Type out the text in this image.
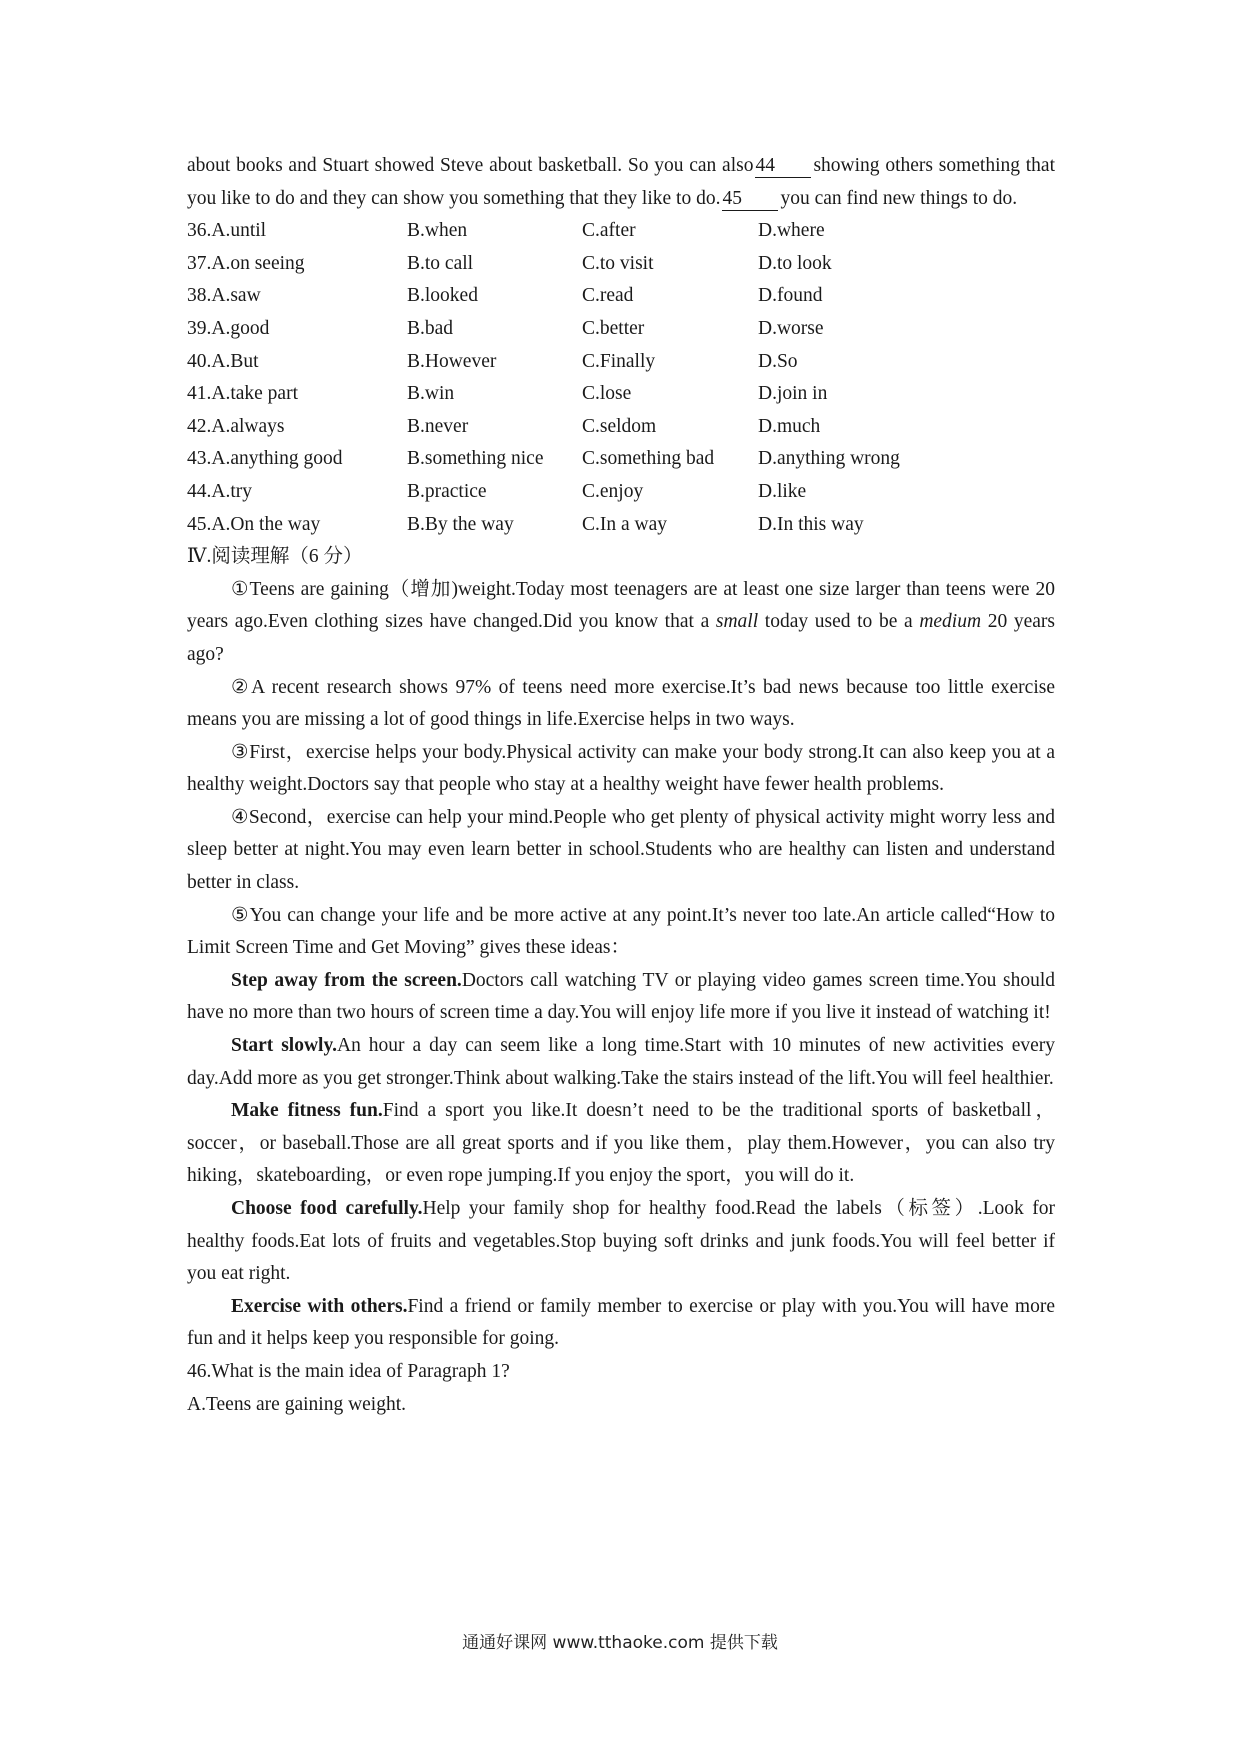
about books and Stuart showed Steve about basketball. So you can also 44 showing others something that you like to do and they can show you something that they like to do. 45 you can find new things to do.

36.A.until	B.when	C.after	D.where
37.A.on seeing	B.to call	C.to visit	D.to look
38.A.saw	B.looked	C.read	D.found
39.A.good	B.bad	C.better	D.worse
40.A.But	B.However	C.Finally	D.So
41.A.take part	B.win	C.lose	D.join in
42.A.always	B.never	C.seldom	D.much
43.A.anything good	B.something nice	C.something bad	D.anything wrong
44.A.try	B.practice	C.enjoy	D.like
45.A.On the way	B.By the way	C.In a way	D.In this way

Ⅳ.阅读理解（6 分）

①Teens are gaining（增加)weight.Today most teenagers are at least one size larger than teens were 20 years ago.Even clothing sizes have changed.Did you know that a small today used to be a medium 20 years ago?

②A recent research shows 97% of teens need more exercise.It’s bad news because too little exercise means you are missing a lot of good things in life.Exercise helps in two ways.

③First，exercise helps your body.Physical activity can make your body strong.It can also keep you at a healthy weight.Doctors say that people who stay at a healthy weight have fewer health problems.

④Second，exercise can help your mind.People who get plenty of physical activity might worry less and sleep better at night.You may even learn better in school.Students who are healthy can listen and understand better in class.

⑤You can change your life and be more active at any point.It’s never too late.An article called“How to Limit Screen Time and Get Moving” gives these ideas：

Step away from the screen.Doctors call watching TV or playing video games screen time.You should have no more than two hours of screen time a day.You will enjoy life more if you live it instead of watching it!

Start slowly.An hour a day can seem like a long time.Start with 10 minutes of new activities every day.Add more as you get stronger.Think about walking.Take the stairs instead of the lift.You will feel healthier.

Make fitness fun.Find a sport you like.It doesn’t need to be the traditional sports of basketball，soccer，or baseball.Those are all great sports and if you like them，play them.However，you can also try hiking，skateboarding，or even rope jumping.If you enjoy the sport，you will do it.

Choose food carefully.Help your family shop for healthy food.Read the labels（标签）.Look for healthy foods.Eat lots of fruits and vegetables.Stop buying soft drinks and junk foods.You will feel better if you eat right.

Exercise with others.Find a friend or family member to exercise or play with you.You will have more fun and it helps keep you responsible for going.

46.What is the main idea of Paragraph 1?

A.Teens are gaining weight.

通通好课网 www.tthaoke.com 提供下载
